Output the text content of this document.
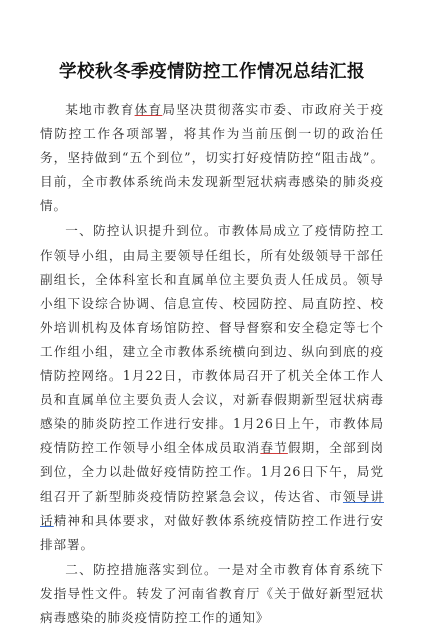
学校秋冬季疫情防控工作情况总结汇报

某地市教育体育局坚决贯彻落实市委、市政府关于疫情防控工作各项部署，将其作为当前压倒一切的政治任务，坚持做到“五个到位”，切实打好疫情防控“阻击战”。目前，全市教体系统尚未发现新型冠状病毒感染的肺炎疫情。

一、防控认识提升到位。市教体局成立了疫情防控工作领导小组，由局主要领导任组长，所有处级领导干部任副组长，全体科室长和直属单位主要负责人任成员。领导小组下设综合协调、信息宣传、校园防控、局直防控、校外培训机构及体育场馆防控、督导督察和安全稳定等七个工作组小组，建立全市教体系统横向到边、纵向到底的疫情防控网络。1月22日，市教体局召开了机关全体工作人员和直属单位主要负责人会议，对新春假期新型冠状病毒感染的肺炎防控工作进行安排。1月26日上午，市教体局疫情防控工作领导小组全体成员取消春节假期，全部到岗到位，全力以赴做好疫情防控工作。1月26日下午，局党组召开了新型肺炎疫情防控紧急会议，传达省、市领导讲话精神和具体要求，对做好教体系统疫情防控工作进行安排部署。

二、防控措施落实到位。一是对全市教育体育系统下发指导性文件。转发了河南省教育厅《关于做好新型冠状病毒感染的肺炎疫情防控工作的通知》
